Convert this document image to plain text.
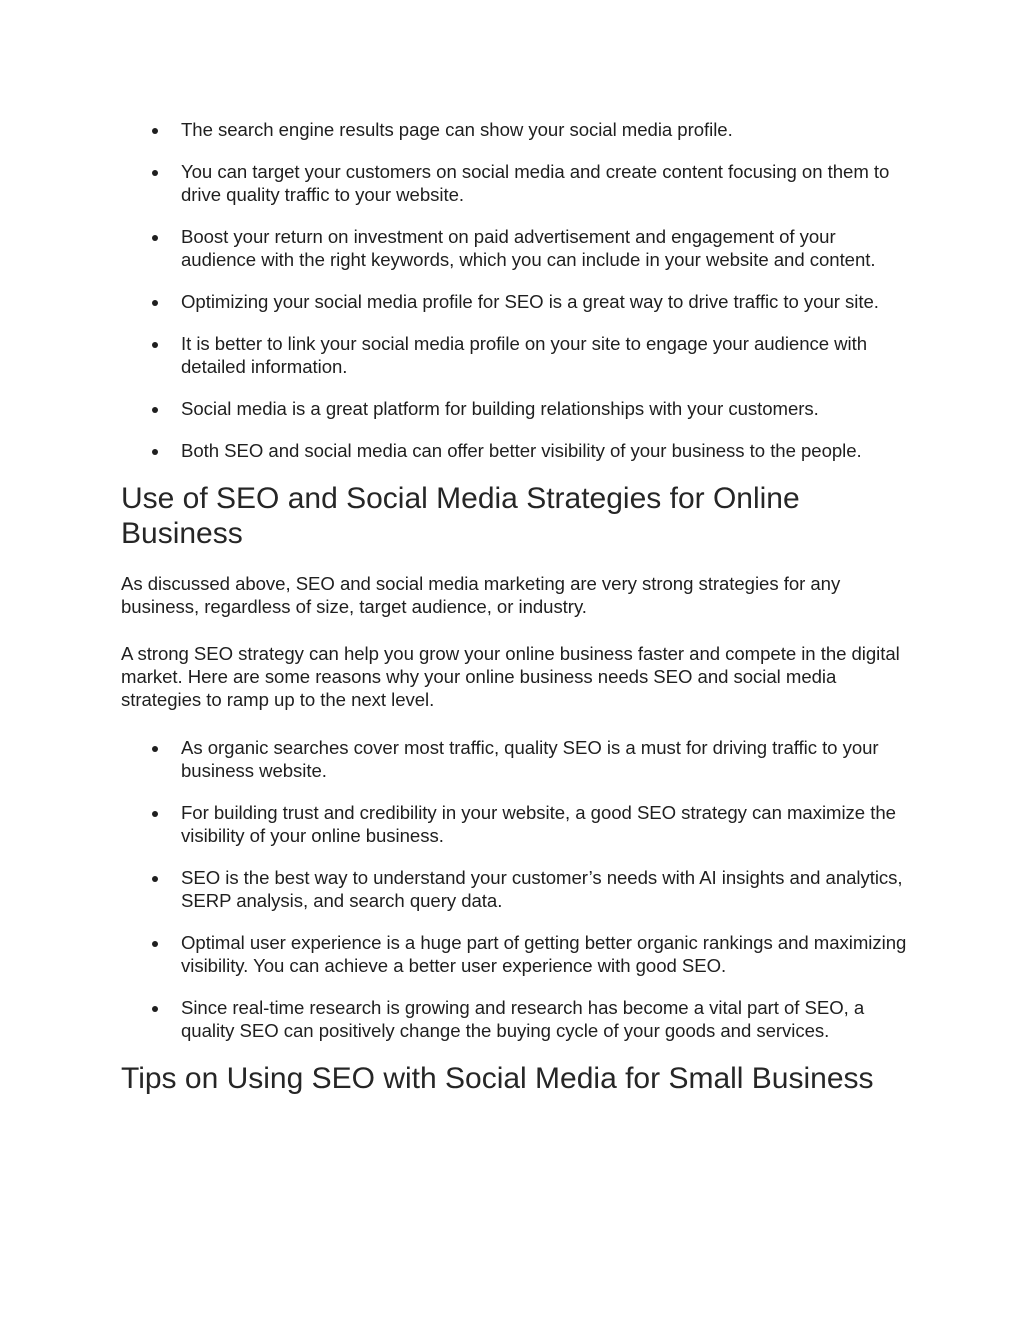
The search engine results page can show your social media profile.
You can target your customers on social media and create content focusing on them to drive quality traffic to your website.
Boost your return on investment on paid advertisement and engagement of your audience with the right keywords, which you can include in your website and content.
Optimizing your social media profile for SEO is a great way to drive traffic to your site.
It is better to link your social media profile on your site to engage your audience with detailed information.
Social media is a great platform for building relationships with your customers.
Both SEO and social media can offer better visibility of your business to the people.
Use of SEO and Social Media Strategies for Online Business

As discussed above, SEO and social media marketing are very strong strategies for any business, regardless of size, target audience, or industry.

A strong SEO strategy can help you grow your online business faster and compete in the digital market. Here are some reasons why your online business needs SEO and social media strategies to ramp up to the next level.

As organic searches cover most traffic, quality SEO is a must for driving traffic to your business website.
For building trust and credibility in your website, a good SEO strategy can maximize the visibility of your online business.
SEO is the best way to understand your customer’s needs with AI insights and analytics, SERP analysis, and search query data.
Optimal user experience is a huge part of getting better organic rankings and maximizing visibility. You can achieve a better user experience with good SEO.
Since real-time research is growing and research has become a vital part of SEO, a quality SEO can positively change the buying cycle of your goods and services.
Tips on Using SEO with Social Media for Small Business
